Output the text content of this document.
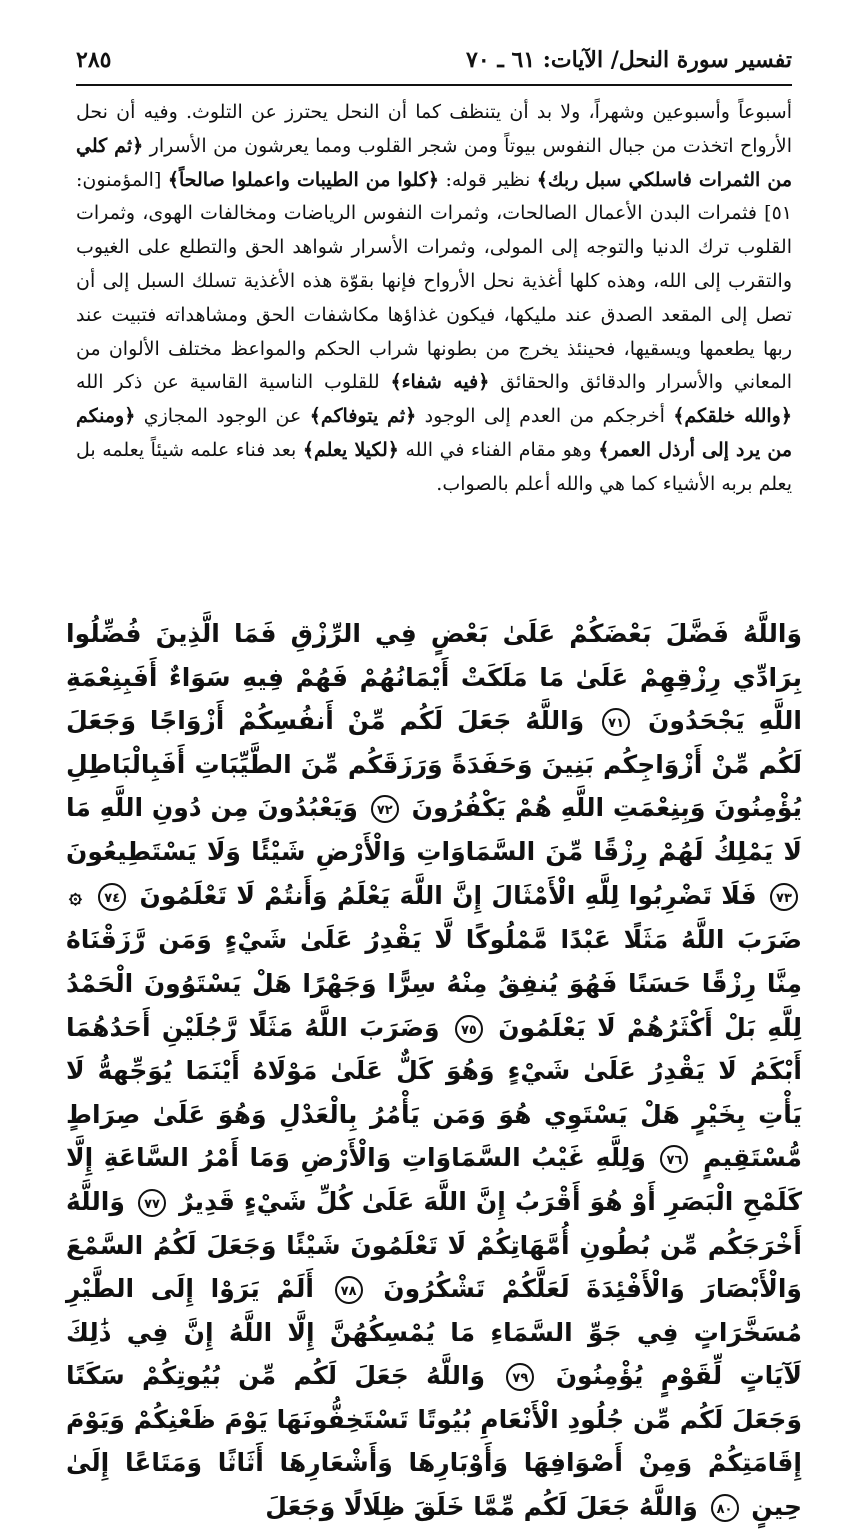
تفسير سورة النحل/ الآيات: ٦١ ـ ٧٠
٢٨٥
أسبوعاً وأسبوعين وشهراً، ولا بد أن يتنظف كما أن النحل يحترز عن التلوث. وفيه أن نحل الأرواح اتخذت من جبال النفوس بيوتاً ومن شجر القلوب ومما يعرشون من الأسرار ﴿ثم كلي من الثمرات فاسلكي سبل ربك﴾ نظير قوله: ﴿كلوا من الطيبات واعملوا صالحاً﴾ [المؤمنون: ٥١] فثمرات البدن الأعمال الصالحات، وثمرات النفوس الرياضات ومخالفات الهوى، وثمرات القلوب ترك الدنيا والتوجه إلى المولى، وثمرات الأسرار شواهد الحق والتطلع على الغيوب والتقرب إلى الله، وهذه كلها أغذية نحل الأرواح فإنها بقوّة هذه الأغذية تسلك السبل إلى أن تصل إلى المقعد الصدق عند مليكها، فيكون غذاؤها مكاشفات الحق ومشاهداته فتبيت عند ربها يطعمها ويسقيها، فحينئذ يخرج من بطونها شراب الحكم والمواعظ مختلف الألوان من المعاني والأسرار والدقائق والحقائق ﴿فيه شفاء﴾ للقلوب الناسية القاسية عن ذكر الله ﴿والله خلقكم﴾ أخرجكم من العدم إلى الوجود ﴿ثم يتوفاكم﴾ عن الوجود المجازي ﴿ومنكم من يرد إلى أرذل العمر﴾ وهو مقام الفناء في الله ﴿لكيلا يعلم﴾ بعد فناء علمه شيئاً يعلمه بل يعلم بربه الأشياء كما هي والله أعلم بالصواب.
وَاللَّهُ فَضَّلَ بَعْضَكُمْ عَلَىٰ بَعْضٍ فِي الرِّزْقِ فَمَا الَّذِينَ فُضِّلُوا بِرَادِّي رِزْقِهِمْ عَلَىٰ مَا مَلَكَتْ أَيْمَانُهُمْ فَهُمْ فِيهِ سَوَاءٌ أَفَبِنِعْمَةِ اللَّهِ يَجْحَدُونَ ٧١ وَاللَّهُ جَعَلَ لَكُم مِّنْ أَنفُسِكُمْ أَزْوَاجًا وَجَعَلَ لَكُم مِّنْ أَزْوَاجِكُم بَنِينَ وَحَفَدَةً وَرَزَقَكُم مِّنَ الطَّيِّبَاتِ أَفَبِالْبَاطِلِ يُؤْمِنُونَ وَبِنِعْمَتِ اللَّهِ هُمْ يَكْفُرُونَ ٧٢ وَيَعْبُدُونَ مِن دُونِ اللَّهِ مَا لَا يَمْلِكُ لَهُمْ رِزْقًا مِّنَ السَّمَاوَاتِ وَالْأَرْضِ شَيْئًا وَلَا يَسْتَطِيعُونَ ٧٣ فَلَا تَضْرِبُوا لِلَّهِ الْأَمْثَالَ إِنَّ اللَّهَ يَعْلَمُ وَأَنتُمْ لَا تَعْلَمُونَ ٧٤ ۞ ضَرَبَ اللَّهُ مَثَلًا عَبْدًا مَّمْلُوكًا لَّا يَقْدِرُ عَلَىٰ شَيْءٍ وَمَن رَّزَقْنَاهُ مِنَّا رِزْقًا حَسَنًا فَهُوَ يُنفِقُ مِنْهُ سِرًّا وَجَهْرًا هَلْ يَسْتَوُونَ الْحَمْدُ لِلَّهِ بَلْ أَكْثَرُهُمْ لَا يَعْلَمُونَ ٧٥ وَضَرَبَ اللَّهُ مَثَلًا رَّجُلَيْنِ أَحَدُهُمَا أَبْكَمُ لَا يَقْدِرُ عَلَىٰ شَيْءٍ وَهُوَ كَلٌّ عَلَىٰ مَوْلَاهُ أَيْنَمَا يُوَجِّههُّ لَا يَأْتِ بِخَيْرٍ هَلْ يَسْتَوِي هُوَ وَمَن يَأْمُرُ بِالْعَدْلِ وَهُوَ عَلَىٰ صِرَاطٍ مُّسْتَقِيمٍ ٧٦ وَلِلَّهِ غَيْبُ السَّمَاوَاتِ وَالْأَرْضِ وَمَا أَمْرُ السَّاعَةِ إِلَّا كَلَمْحِ الْبَصَرِ أَوْ هُوَ أَقْرَبُ إِنَّ اللَّهَ عَلَىٰ كُلِّ شَيْءٍ قَدِيرٌ ٧٧ وَاللَّهُ أَخْرَجَكُم مِّن بُطُونِ أُمَّهَاتِكُمْ لَا تَعْلَمُونَ شَيْئًا وَجَعَلَ لَكُمُ السَّمْعَ وَالْأَبْصَارَ وَالْأَفْئِدَةَ لَعَلَّكُمْ تَشْكُرُونَ ٧٨ أَلَمْ يَرَوْا إِلَى الطَّيْرِ مُسَخَّرَاتٍ فِي جَوِّ السَّمَاءِ مَا يُمْسِكُهُنَّ إِلَّا اللَّهُ إِنَّ فِي ذَٰلِكَ لَآيَاتٍ لِّقَوْمٍ يُؤْمِنُونَ ٧٩ وَاللَّهُ جَعَلَ لَكُم مِّن بُيُوتِكُمْ سَكَنًا وَجَعَلَ لَكُم مِّن جُلُودِ الْأَنْعَامِ بُيُوتًا تَسْتَخِفُّونَهَا يَوْمَ ظَعْنِكُمْ وَيَوْمَ إِقَامَتِكُمْ وَمِنْ أَصْوَافِهَا وَأَوْبَارِهَا وَأَشْعَارِهَا أَثَاثًا وَمَتَاعًا إِلَىٰ حِينٍ ٨٠ وَاللَّهُ جَعَلَ لَكُم مِّمَّا خَلَقَ ظِلَالًا وَجَعَلَ
